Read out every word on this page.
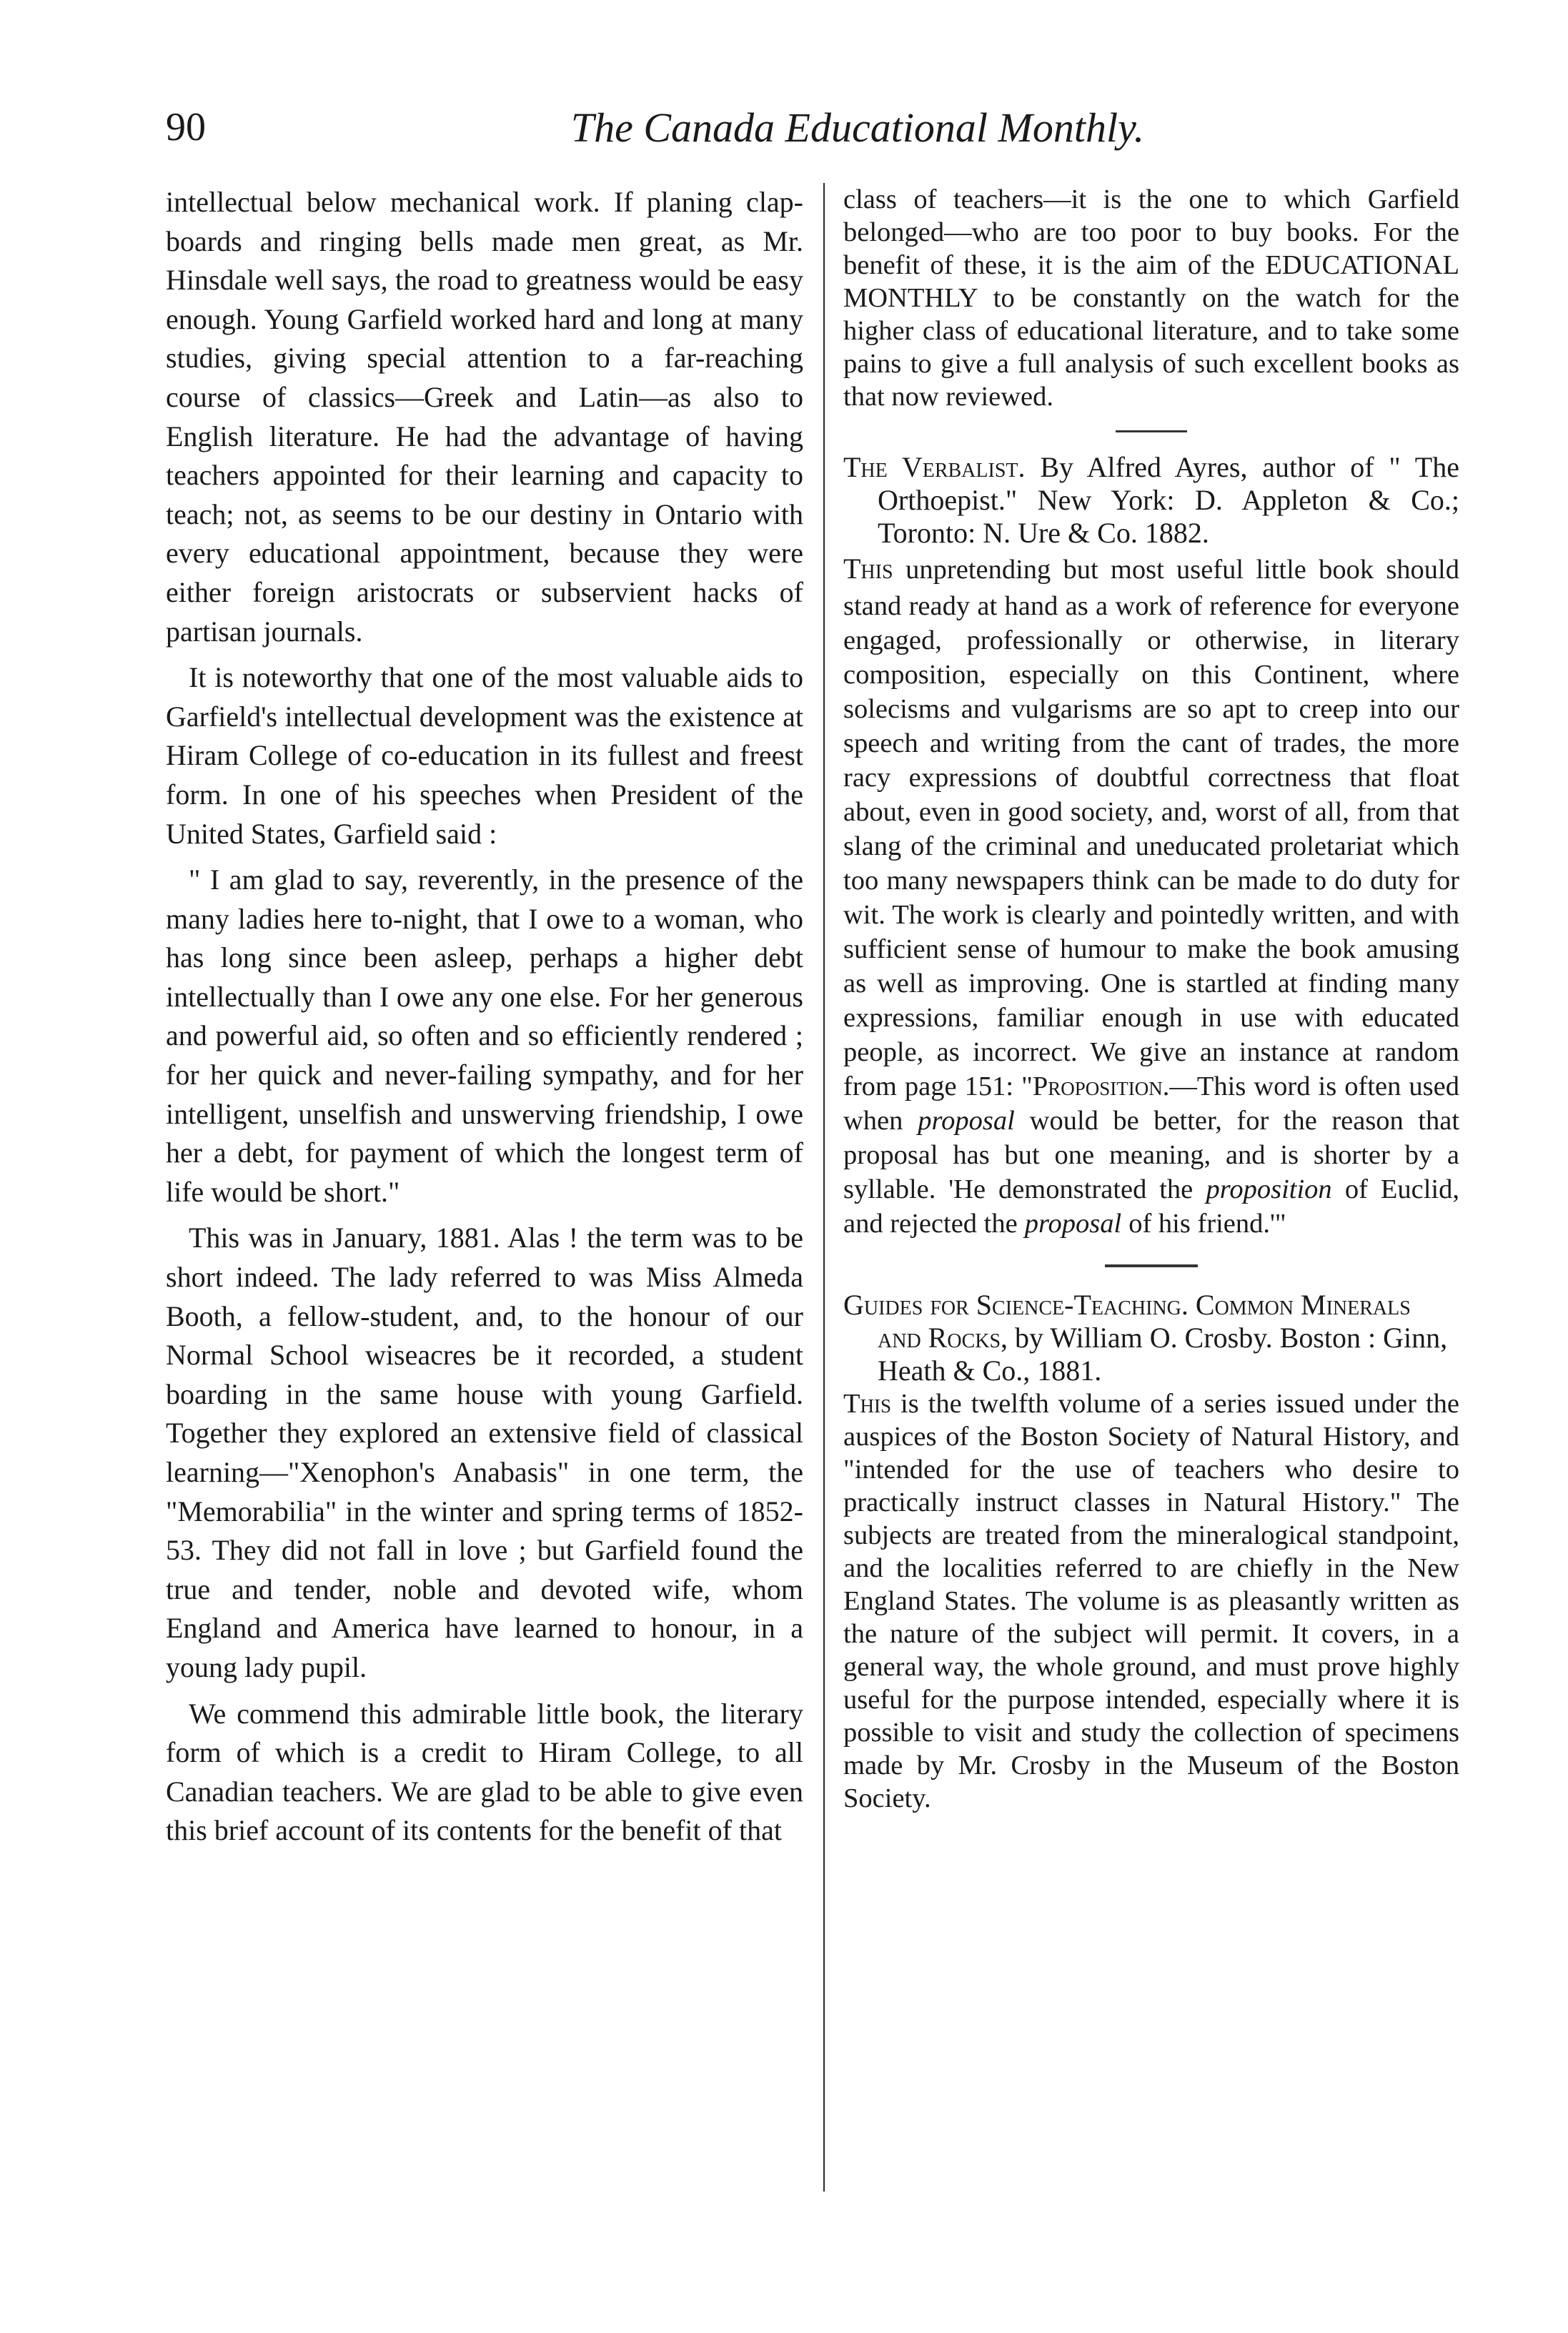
90	The Canada Educational Monthly.

intellectual below mechanical work. If planing clap-boards and ringing bells made men great, as Mr. Hinsdale well says, the road to greatness would be easy enough. Young Garfield worked hard and long at many studies, giving special attention to a far-reaching course of classics—Greek and Latin—as also to English literature. He had the advantage of having teachers appointed for their learning and capacity to teach; not, as seems to be our destiny in Ontario with every educational appointment, because they were either foreign aristocrats or subservient hacks of partisan journals.

It is noteworthy that one of the most valuable aids to Garfield's intellectual development was the existence at Hiram College of co-education in its fullest and freest form. In one of his speeches when President of the United States, Garfield said :

" I am glad to say, reverently, in the presence of the many ladies here to-night, that I owe to a woman, who has long since been asleep, perhaps a higher debt intellectually than I owe any one else. For her generous and powerful aid, so often and so efficiently rendered ; for her quick and never-failing sympathy, and for her intelligent, unselfish and unswerving friendship, I owe her a debt, for payment of which the longest term of life would be short."

This was in January, 1881. Alas ! the term was to be short indeed. The lady referred to was Miss Almeda Booth, a fellow-student, and, to the honour of our Normal School wiseacres be it recorded, a student boarding in the same house with young Garfield. Together they explored an extensive field of classical learning—"Xenophon's Anabasis" in one term, the "Memorabilia" in the winter and spring terms of 1852-53. They did not fall in love ; but Garfield found the true and tender, noble and devoted wife, whom England and America have learned to honour, in a young lady pupil.

We commend this admirable little book, the literary form of which is a credit to Hiram College, to all Canadian teachers. We are glad to be able to give even this brief account of its contents for the benefit of that

class of teachers—it is the one to which Garfield belonged—who are too poor to buy books. For the benefit of these, it is the aim of the EDUCATIONAL MONTHLY to be constantly on the watch for the higher class of educational literature, and to take some pains to give a full analysis of such excellent books as that now reviewed.

The Verbalist. By Alfred Ayres, author of " The Orthoepist." New York: D. Appleton & Co.; Toronto: N. Ure & Co. 1882.

This unpretending but most useful little book should stand ready at hand as a work of reference for everyone engaged, professionally or otherwise, in literary composition, especially on this Continent, where solecisms and vulgarisms are so apt to creep into our speech and writing from the cant of trades, the more racy expressions of doubtful correctness that float about, even in good society, and, worst of all, from that slang of the criminal and uneducated proletariat which too many newspapers think can be made to do duty for wit. The work is clearly and pointedly written, and with sufficient sense of humour to make the book amusing as well as improving. One is startled at finding many expressions, familiar enough in use with educated people, as incorrect. We give an instance at random from page 151: "Proposition.—This word is often used when proposal would be better, for the reason that proposal has but one meaning, and is shorter by a syllable. 'He demonstrated the proposition of Euclid, and rejected the proposal of his friend.'"

Guides for Science-Teaching. Common Minerals and Rocks, by William O. Crosby. Boston : Ginn, Heath & Co., 1881.

This is the twelfth volume of a series issued under the auspices of the Boston Society of Natural History, and "intended for the use of teachers who desire to practically instruct classes in Natural History." The subjects are treated from the mineralogical standpoint, and the localities referred to are chiefly in the New England States. The volume is as pleasantly written as the nature of the subject will permit. It covers, in a general way, the whole ground, and must prove highly useful for the purpose intended, especially where it is possible to visit and study the collection of specimens made by Mr. Crosby in the Museum of the Boston Society.
